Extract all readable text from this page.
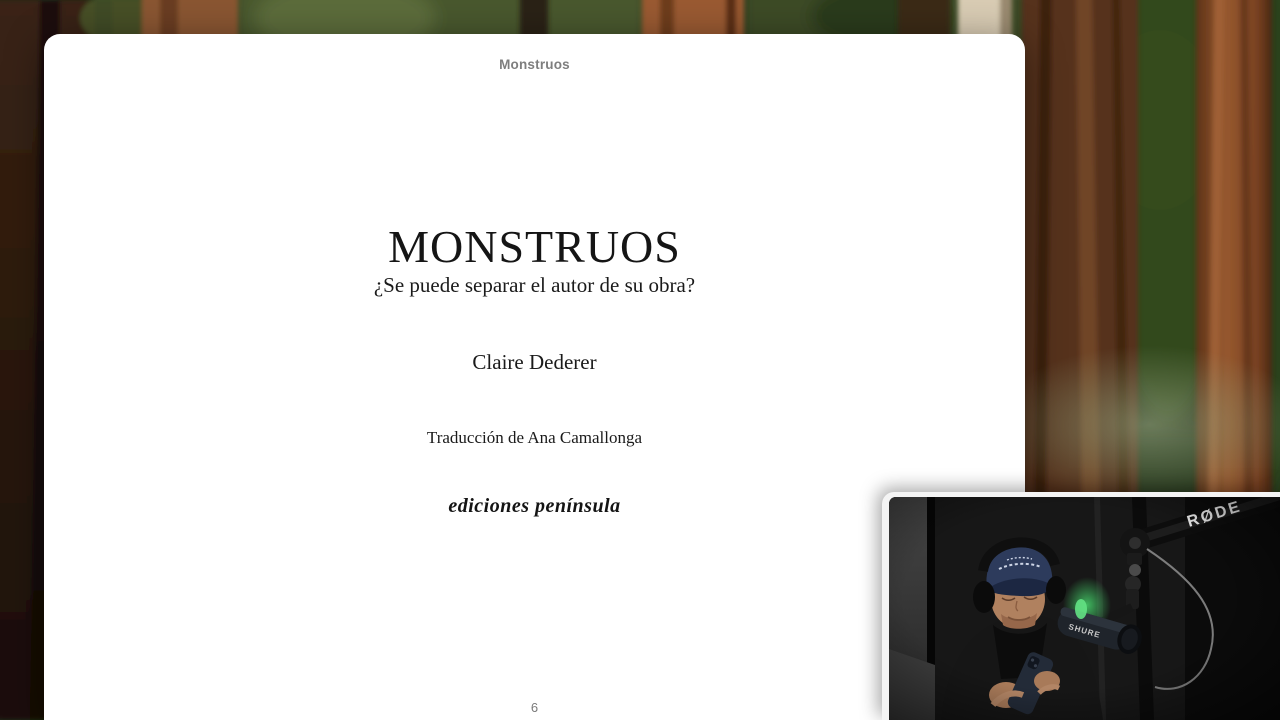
Monstruos
MONSTRUOS
¿Se puede separar el autor de su obra?
Claire Dederer
Traducción de Ana Camallonga
ediciones península
6
